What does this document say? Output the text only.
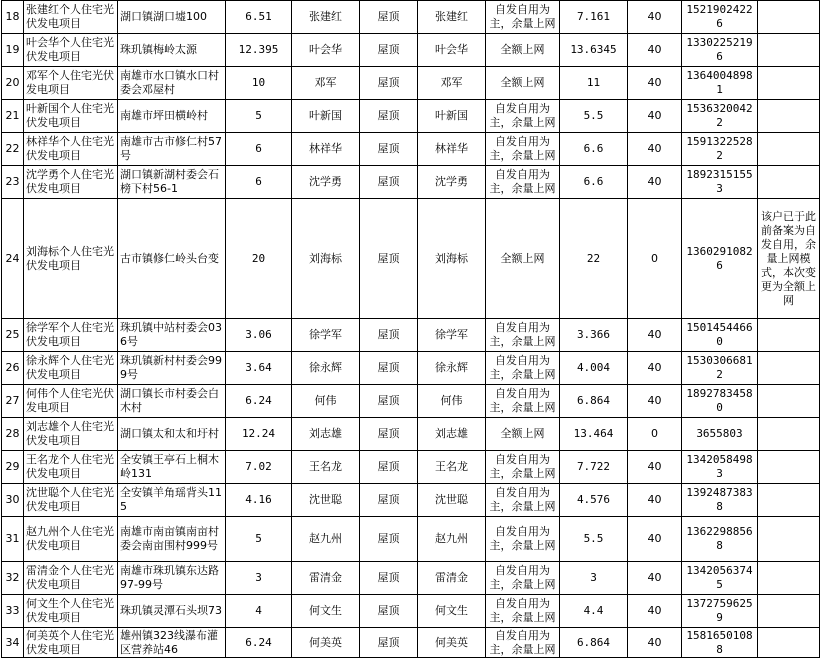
18	张建红个人住宅光伏发电项目	湖口镇湖口墟100	6.51	张建红	屋顶	张建红	自发自用为主，余量上网	7.161	40	15219024226	
19	叶会华个人住宅光伏发电项目	珠玑镇梅岭太源	12.395	叶会华	屋顶	叶会华	全额上网	13.6345	40	13302252196	
20	邓军个人住宅光伏发电项目	南雄市水口镇水口村委会邓屋村	10	邓军	屋顶	邓军	全额上网	11	40	13640048981	
21	叶新国个人住宅光伏发电项目	南雄市坪田横岭村	5	叶新国	屋顶	叶新国	自发自用为主，余量上网	5.5	40	15363200422	
22	林祥华个人住宅光伏发电项目	南雄市古市修仁村57号	6	林祥华	屋顶	林祥华	自发自用为主，余量上网	6.6	40	15913225282	
23	沈学勇个人住宅光伏发电项目	湖口镇新湖村委会石榜下村56-1	6	沈学勇	屋顶	沈学勇	自发自用为主，余量上网	6.6	40	18923151553	
24	刘海标个人住宅光伏发电项目	古市镇修仁岭头台变	20	刘海标	屋顶	刘海标	全额上网	22	0	13602910826	该户已于此前备案为自发自用，余量上网模式，本次变更为全额上网
25	徐学军个人住宅光伏发电项目	珠玑镇中站村委会036号	3.06	徐学军	屋顶	徐学军	自发自用为主，余量上网	3.366	40	15014544660	
26	徐永辉个人住宅光伏发电项目	珠玑镇新村村委会999号	3.64	徐永辉	屋顶	徐永辉	自发自用为主，余量上网	4.004	40	15303066812	
27	何伟个人住宅光伏发电项目	湖口镇长市村委会白木村	6.24	何伟	屋顶	何伟	自发自用为主，余量上网	6.864	40	18927834580	
28	刘志雄个人住宅光伏发电项目	湖口镇太和太和圩村	12.24	刘志雄	屋顶	刘志雄	全额上网	13.464	0	3655803	
29	王名龙个人住宅光伏发电项目	全安镇王亭石上桐木岭131	7.02	王名龙	屋顶	王名龙	自发自用为主，余量上网	7.722	40	13420584983	
30	沈世聪个人住宅光伏发电项目	全安镇羊角瑶背头115	4.16	沈世聪	屋顶	沈世聪	自发自用为主，余量上网	4.576	40	13924873838	
31	赵九州个人住宅光伏发电项目	南雄市南亩镇南亩村委会南亩围村999号	5	赵九州	屋顶	赵九州	自发自用为主，余量上网	5.5	40	13622988568	
32	雷清金个人住宅光伏发电项目	南雄市珠玑镇东达路97-99号	3	雷清金	屋顶	雷清金	自发自用为主，余量上网	3	40	13420563745	
33	何文生个人住宅光伏发电项目	珠玑镇灵潭石头坝73	4	何文生	屋顶	何文生	自发自用为主，余量上网	4.4	40	13727596259	
34	何美英个人住宅光伏发电项目	雄州镇323线瀑布灌区营养站46	6.24	何美英	屋顶	何美英	自发自用为主，余量上网	6.864	40	15816501088	
